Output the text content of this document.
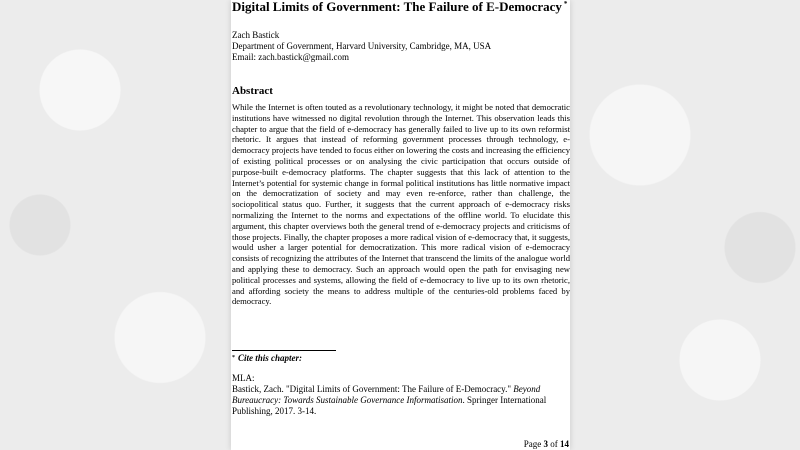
Digital Limits of Government: The Failure of E-Democracy *
Zach Bastick
Department of Government, Harvard University, Cambridge, MA, USA
Email: zach.bastick@gmail.com
Abstract
While the Internet is often touted as a revolutionary technology, it might be noted that democratic institutions have witnessed no digital revolution through the Internet. This observation leads this chapter to argue that the field of e-democracy has generally failed to live up to its own reformist rhetoric. It argues that instead of reforming government processes through technology, e-democracy projects have tended to focus either on lowering the costs and increasing the efficiency of existing political processes or on analysing the civic participation that occurs outside of purpose-built e-democracy platforms. The chapter suggests that this lack of attention to the Internet’s potential for systemic change in formal political institutions has little normative impact on the democratization of society and may even re-enforce, rather than challenge, the sociopolitical status quo. Further, it suggests that the current approach of e-democracy risks normalizing the Internet to the norms and expectations of the offline world. To elucidate this argument, this chapter overviews both the general trend of e-democracy projects and criticisms of those projects. Finally, the chapter proposes a more radical vision of e-democracy that, it suggests, would usher a larger potential for democratization. This more radical vision of e-democracy consists of recognizing the attributes of the Internet that transcend the limits of the analogue world and applying these to democracy. Such an approach would open the path for envisaging new political processes and systems, allowing the field of e-democracy to live up to its own rhetoric, and affording society the means to address multiple of the centuries-old problems faced by democracy.
* Cite this chapter:
MLA:
Bastick, Zach. "Digital Limits of Government: The Failure of E-Democracy." Beyond Bureaucracy: Towards Sustainable Governance Informatisation. Springer International Publishing, 2017. 3-14.
Page 3 of 14
